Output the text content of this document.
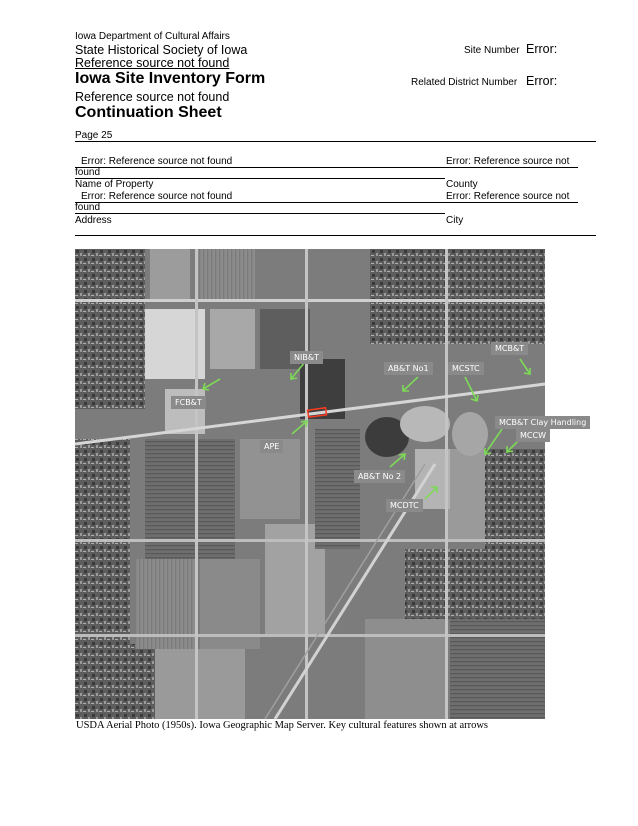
Iowa Department of Cultural Affairs
State Historical Society of Iowa
Reference source not found
Iowa Site Inventory Form
Reference source not found
Continuation Sheet
Site Number Error:
Related District Number Error:
Page 25
Error: Reference source not found	Error: Reference source not
found
Name of Property	County
Error: Reference source not found	Error: Reference source not
found
Address	City
NIB&T
MCB&T
AB&T No1	MCSTC
FCB&T
MCB&T Clay Handling
MCCW
APE
AB&T No 2
MCDTC
USDA Aerial Photo (1950s). Iowa Geographic Map Server. Key cultural features shown at arrows
